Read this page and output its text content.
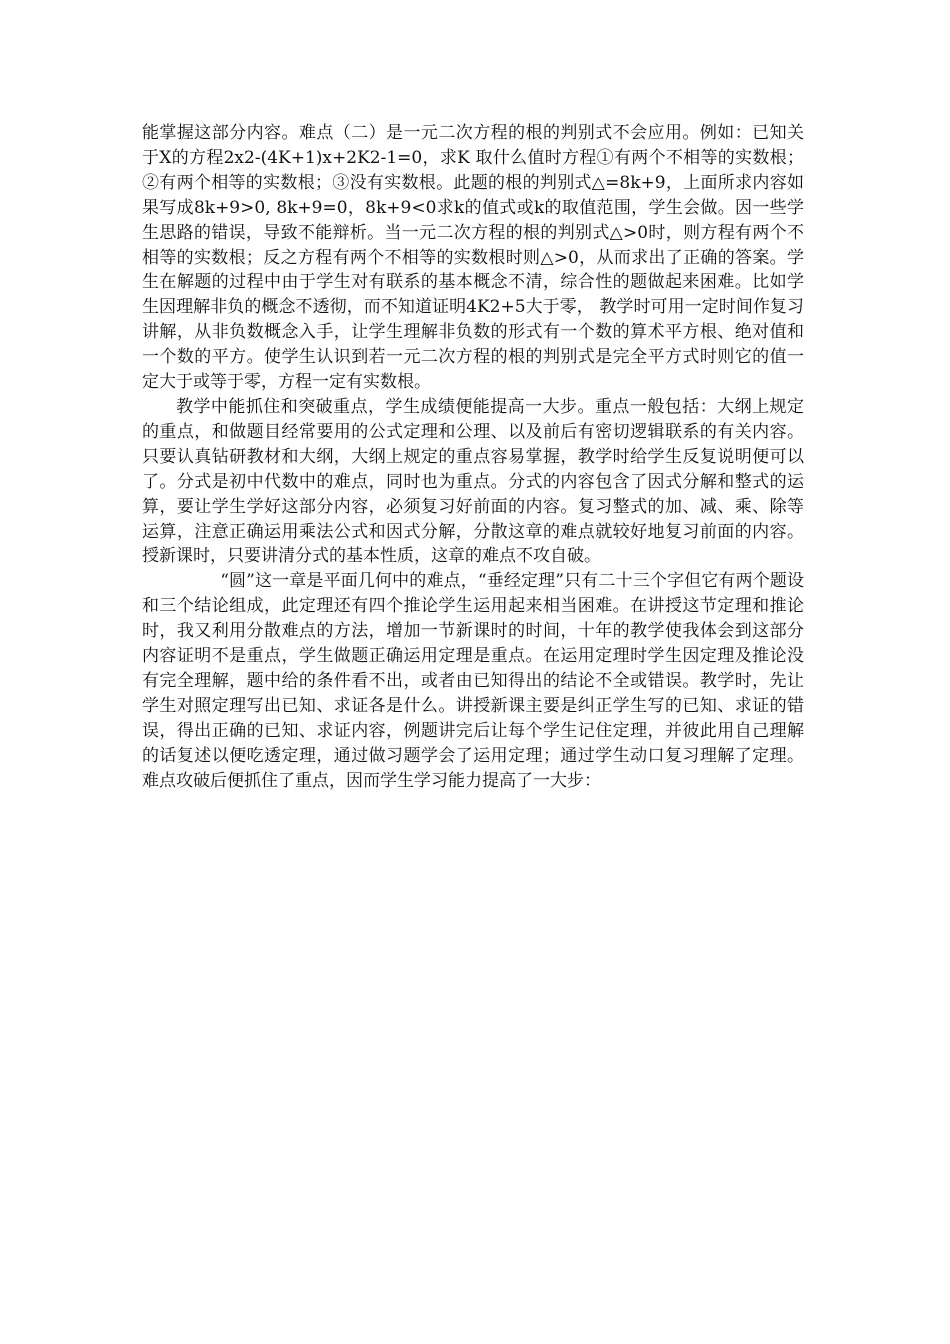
能掌握这部分内容。难点（二）是一元二次方程的根的判别式不会应用。例如：已知关于X的方程2x2-(4K+1)x+2K2-1=0，求K 取什么值时方程①有两个不相等的实数根；②有两个相等的实数根；③没有实数根。此题的根的判别式△=8k+9，上面所求内容如果写成8k+9>0, 8k+9=0，8k+9<0求k的值式或k的取值范围，学生会做。因一些学生思路的错误，导致不能辩析。当一元二次方程的根的判别式△>0时，则方程有两个不相等的实数根；反之方程有两个不相等的实数根时则△>0，从而求出了正确的答案。学生在解题的过程中由于学生对有联系的基本概念不清，综合性的题做起来困难。比如学生因理解非负的概念不透彻，而不知道证明4K2+5大于零， 教学时可用一定时间作复习讲解，从非负数概念入手，让学生理解非负数的形式有一个数的算术平方根、绝对值和一个数的平方。使学生认识到若一元二次方程的根的判别式是完全平方式时则它的值一定大于或等于零，方程一定有实数根。

教学中能抓住和突破重点，学生成绩便能提高一大步。重点一般包括：大纲上规定的重点，和做题目经常要用的公式定理和公理、以及前后有密切逻辑联系的有关内容。只要认真钻研教材和大纲，大纲上规定的重点容易掌握，教学时给学生反复说明便可以了。分式是初中代数中的难点，同时也为重点。分式的内容包含了因式分解和整式的运算，要让学生学好这部分内容，必须复习好前面的内容。复习整式的加、减、乘、除等运算，注意正确运用乘法公式和因式分解，分散这章的难点就较好地复习前面的内容。授新课时，只要讲清分式的基本性质，这章的难点不攻自破。

“圆”这一章是平面几何中的难点，“垂经定理”只有二十三个字但它有两个题设和三个结论组成，此定理还有四个推论学生运用起来相当困难。在讲授这节定理和推论时，我又利用分散难点的方法，增加一节新课时的时间，十年的教学使我体会到这部分内容证明不是重点，学生做题正确运用定理是重点。在运用定理时学生因定理及推论没有完全理解，题中给的条件看不出，或者由已知得出的结论不全或错误。教学时，先让学生对照定理写出已知、求证各是什么。讲授新课主要是纠正学生写的已知、求证的错误，得出正确的已知、求证内容，例题讲完后让每个学生记住定理，并彼此用自己理解的话复述以便吃透定理，通过做习题学会了运用定理；通过学生动口复习理解了定理。难点攻破后便抓住了重点，因而学生学习能力提高了一大步：
